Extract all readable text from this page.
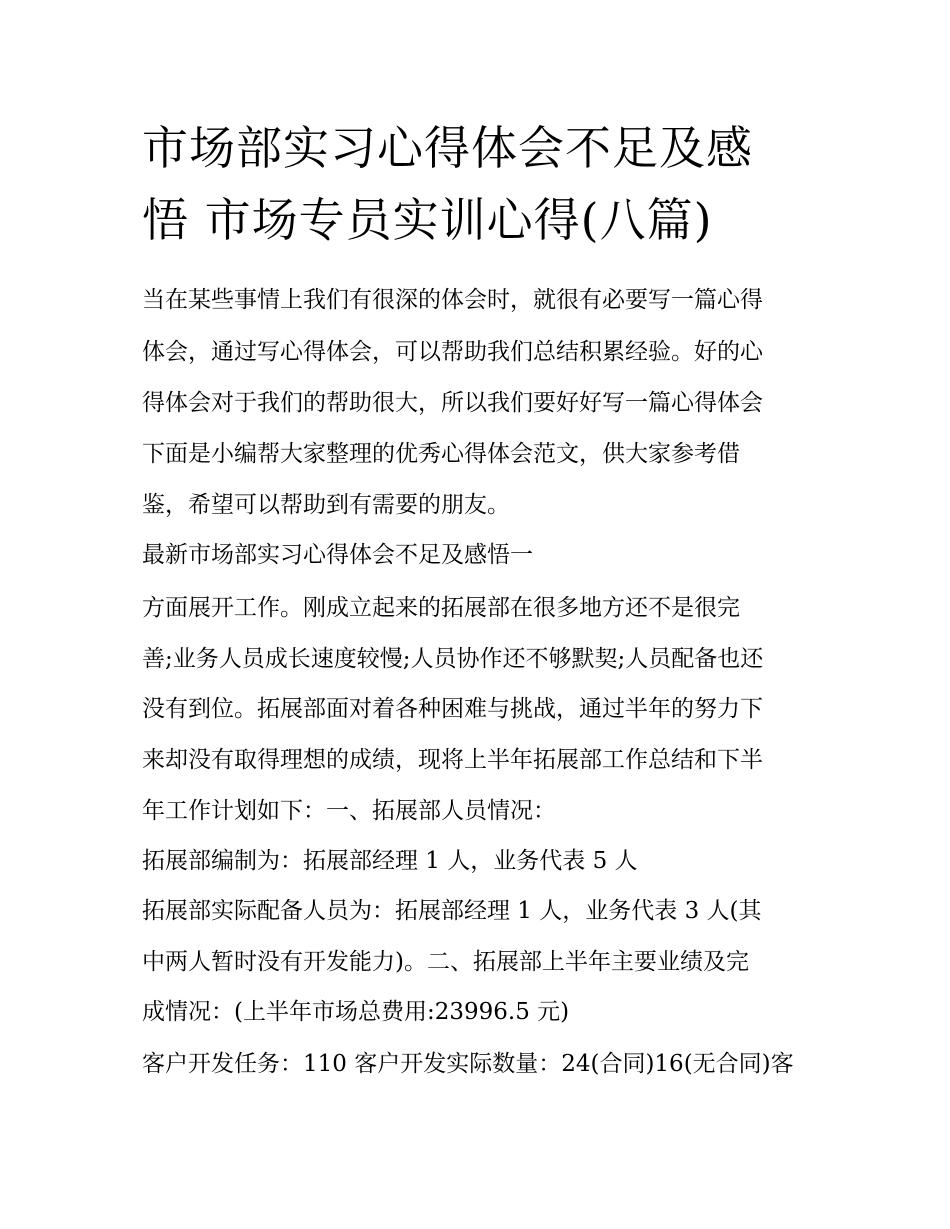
市场部实习心得体会不足及感
悟 市场专员实训心得(八篇)

当在某些事情上我们有很深的体会时，就很有必要写一篇心得

体会，通过写心得体会，可以帮助我们总结积累经验。好的心

得体会对于我们的帮助很大，所以我们要好好写一篇心得体会

下面是小编帮大家整理的优秀心得体会范文，供大家参考借

鉴，希望可以帮助到有需要的朋友。

最新市场部实习心得体会不足及感悟一

方面展开工作。刚成立起来的拓展部在很多地方还不是很完

善;业务人员成长速度较慢;人员协作还不够默契;人员配备也还

没有到位。拓展部面对着各种困难与挑战，通过半年的努力下

来却没有取得理想的成绩，现将上半年拓展部工作总结和下半

年工作计划如下：一、拓展部人员情况：

拓展部编制为：拓展部经理 1 人，业务代表 5 人

拓展部实际配备人员为：拓展部经理 1 人，业务代表 3 人(其

中两人暂时没有开发能力)。二、拓展部上半年主要业绩及完

成情况：(上半年市场总费用:23996.5 元)

客户开发任务：110 客户开发实际数量：24(合同)16(无合同)客
